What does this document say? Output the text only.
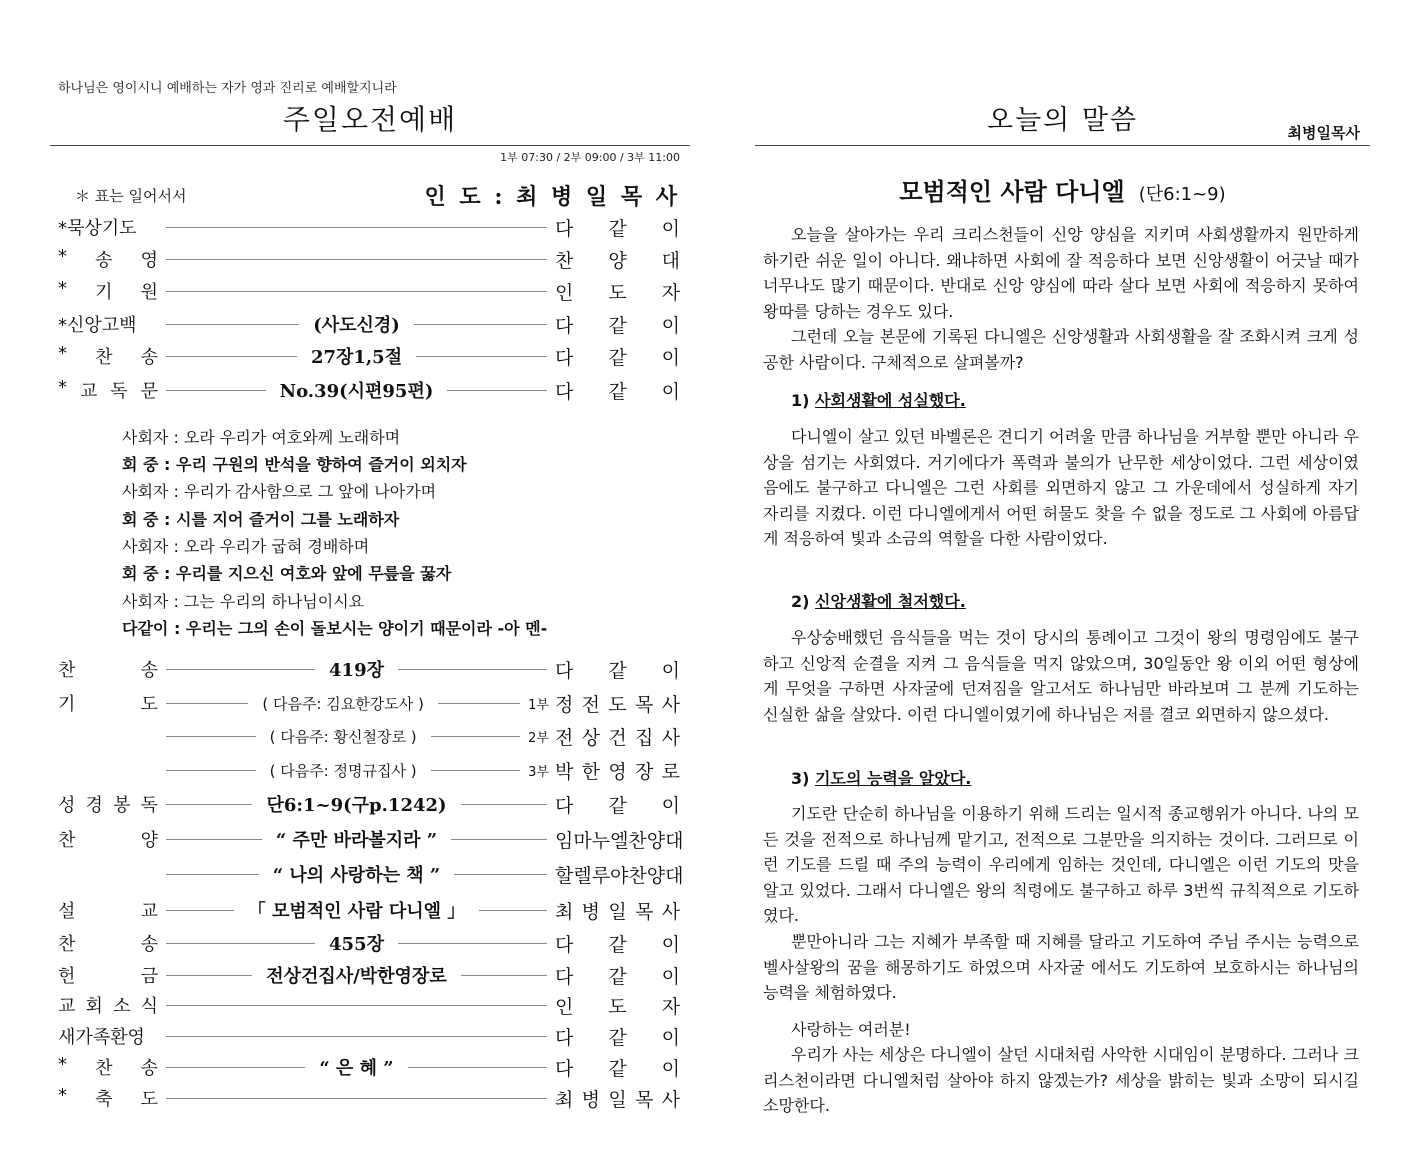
하나님은 영이시니 예배하는 자가 영과 진리로 예배할지니라
주일오전예배
1부 07:30 / 2부 09:00 / 3부 11:00
＊ 표는 일어서서	인 도 : 최 병 일 목 사
*묵상기도	다 같 이
* 송 영	찬 양 대
* 기 원	인 도 자
*신앙고백	(사도신경)	다 같 이
* 찬 송	27장1,5절	다 같 이
* 교 독 문	No.39(시편95편)	다 같 이
사회자 : 오라 우리가 여호와께 노래하며
회 중 : 우리 구원의 반석을 향하여 즐거이 외치자
사회자 : 우리가 감사함으로 그 앞에 나아가며
회 중 : 시를 지어 즐거이 그를 노래하자
사회자 : 오라 우리가 굽혀 경배하며
회 중 : 우리를 지으신 여호와 앞에 무릎을 꿇자
사회자 : 그는 우리의 하나님이시요
다같이 : 우리는 그의 손이 돌보시는 양이기 때문이라 -아 멘-
찬	송	419장	다 같 이
기	도	( 다음주: 김요한강도사 )	1부 정 전 도 목 사
( 다음주: 황신철장로 )	2부 전 상 건 집 사
( 다음주: 정명규집사 )	3부 박 한 영 장 로
성 경 봉 독	단6:1~9(구p.1242)	다 같 이
찬	양	“ 주만 바라볼지라 ”	임마누엘찬양대
“ 나의 사랑하는 책 ”	할렐루야찬양대
설	교	「 모범적인 사람 다니엘 」	최 병 일 목 사
찬	송	455장	다 같 이
헌	금	전상건집사/박한영장로	다 같 이
교 회 소 식	인 도 자
새가족환영	다 같 이
* 찬 송	“ 은 혜 ”	다 같 이
* 축 도	최 병 일 목 사
오늘의 말씀	최병일목사
모범적인 사람 다니엘 (단6:1~9)
오늘을 살아가는 우리 크리스천들이 신앙 양심을 지키며 사회생활까지 원만하게 하기란 쉬운 일이 아니다. 왜냐하면 사회에 잘 적응하다 보면 신앙생활이 어긋날 때가 너무나도 많기 때문이다. 반대로 신앙 양심에 따라 살다 보면 사회에 적응하지 못하여 왕따를 당하는 경우도 있다.
그런데 오늘 본문에 기록된 다니엘은 신앙생활과 사회생활을 잘 조화시켜 크게 성공한 사람이다. 구체적으로 살펴볼까?
1) 사회생활에 성실했다.
다니엘이 살고 있던 바벨론은 견디기 어려울 만큼 하나님을 거부할 뿐만 아니라 우상을 섬기는 사회였다. 거기에다가 폭력과 불의가 난무한 세상이었다. 그런 세상이였음에도 불구하고 다니엘은 그런 사회를 외면하지 않고 그 가운데에서 성실하게 자기 자리를 지켰다. 이런 다니엘에게서 어떤 허물도 찾을 수 없을 정도로 그 사회에 아름답게 적응하여 빛과 소금의 역할을 다한 사람이었다.
2) 신앙생활에 철저했다.
우상숭배했던 음식들을 먹는 것이 당시의 통례이고 그것이 왕의 명령임에도 불구하고 신앙적 순결을 지켜 그 음식들을 먹지 않았으며, 30일동안 왕 이외 어떤 형상에게 무엇을 구하면 사자굴에 던져짐을 알고서도 하나님만 바라보며 그 분께 기도하는 신실한 삶을 살았다. 이런 다니엘이였기에 하나님은 저를 결코 외면하지 않으셨다.
3) 기도의 능력을 알았다.
기도란 단순히 하나님을 이용하기 위해 드리는 일시적 종교행위가 아니다. 나의 모든 것을 전적으로 하나님께 맡기고, 전적으로 그분만을 의지하는 것이다. 그러므로 이런 기도를 드릴 때 주의 능력이 우리에게 임하는 것인데, 다니엘은 이런 기도의 맛을 알고 있었다. 그래서 다니엘은 왕의 칙령에도 불구하고 하루 3번씩 규칙적으로 기도하였다.
뿐만아니라 그는 지혜가 부족할 때 지혜를 달라고 기도하여 주님 주시는 능력으로 벨사살왕의 꿈을 해몽하기도 하였으며 사자굴 에서도 기도하여 보호하시는 하나님의 능력을 체험하였다.
사랑하는 여러분!
우리가 사는 세상은 다니엘이 살던 시대처럼 사악한 시대임이 분명하다. 그러나 크리스천이라면 다니엘처럼 살아야 하지 않겠는가? 세상을 밝히는 빛과 소망이 되시길 소망한다.
